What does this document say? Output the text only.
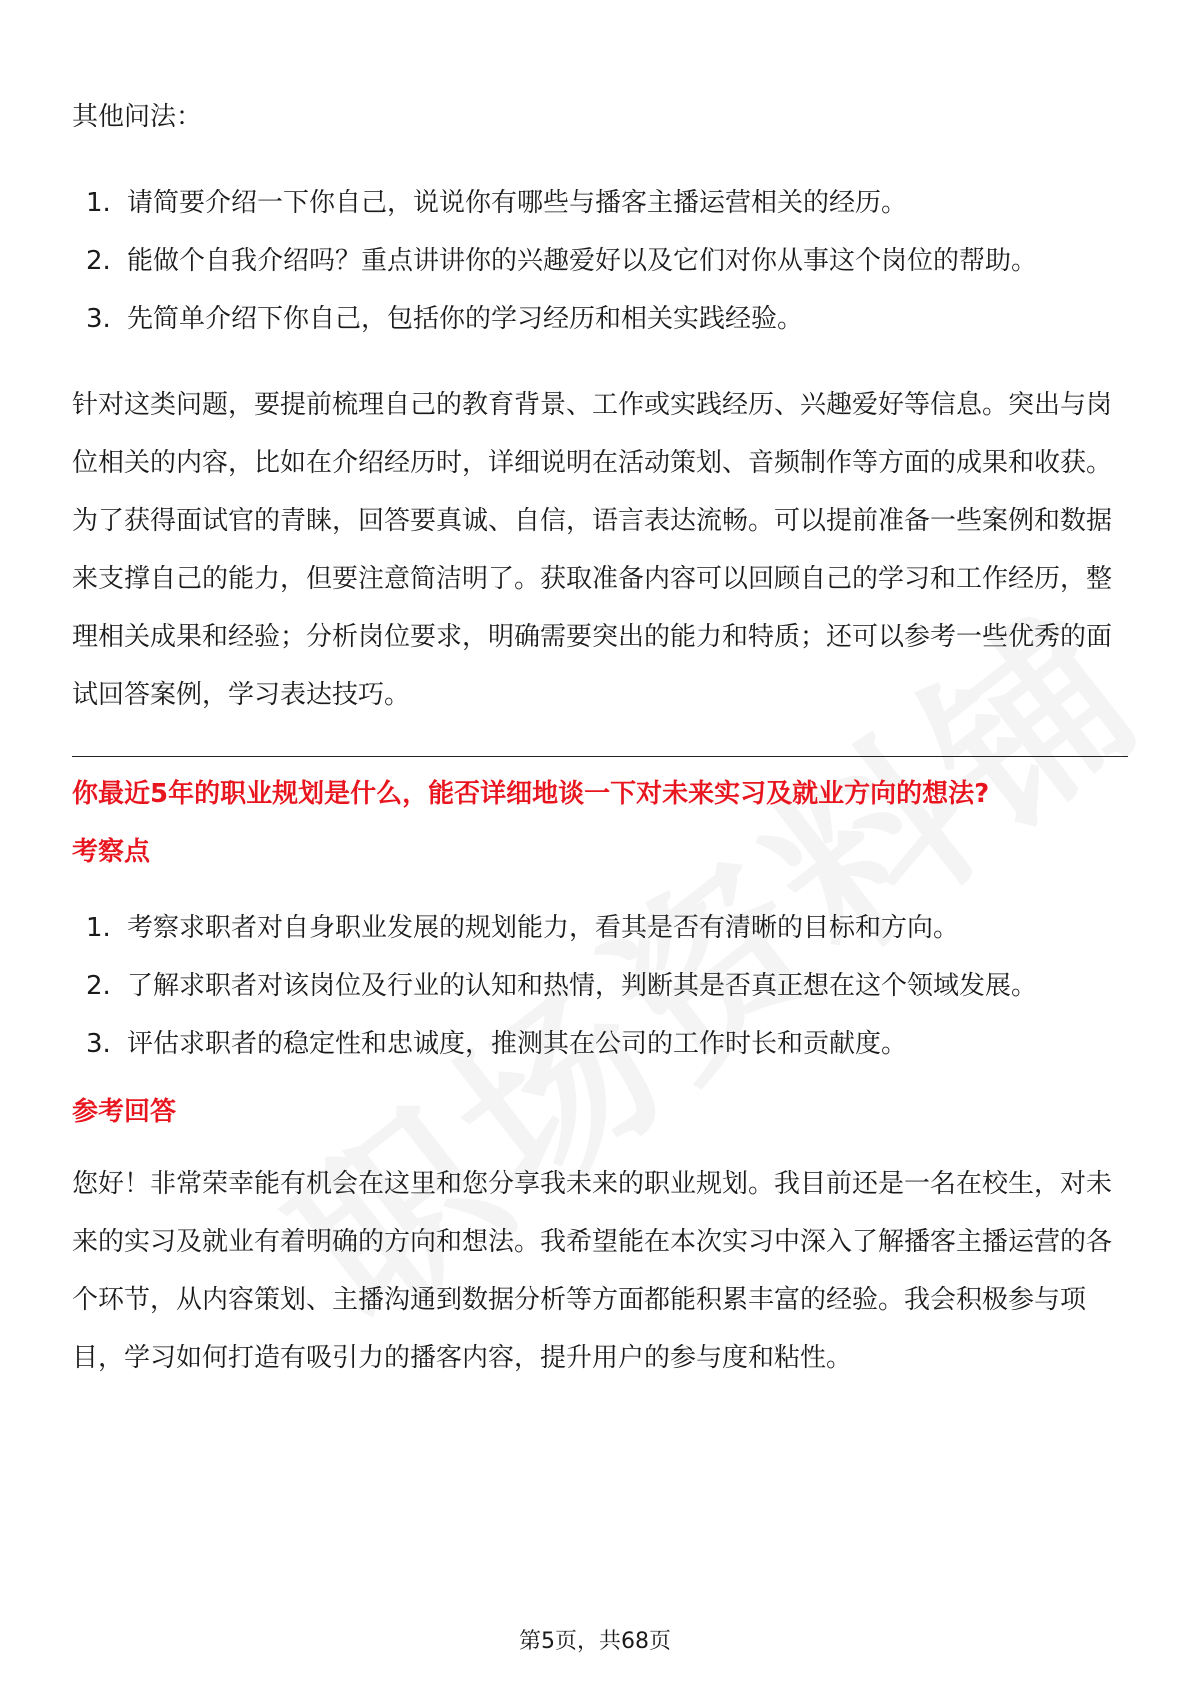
其他问法：

1. 请简要介绍一下你自己，说说你有哪些与播客主播运营相关的经历。
2. 能做个自我介绍吗？重点讲讲你的兴趣爱好以及它们对你从事这个岗位的帮助。
3. 先简单介绍下你自己，包括你的学习经历和相关实践经验。

针对这类问题，要提前梳理自己的教育背景、工作或实践经历、兴趣爱好等信息。突出与岗位相关的内容，比如在介绍经历时，详细说明在活动策划、音频制作等方面的成果和收获。为了获得面试官的青睐，回答要真诚、自信，语言表达流畅。可以提前准备一些案例和数据来支撑自己的能力，但要注意简洁明了。获取准备内容可以回顾自己的学习和工作经历，整理相关成果和经验；分析岗位要求，明确需要突出的能力和特质；还可以参考一些优秀的面试回答案例，学习表达技巧。

你最近5年的职业规划是什么，能否详细地谈一下对未来实习及就业方向的想法?
考察点
1. 考察求职者对自身职业发展的规划能力，看其是否有清晰的目标和方向。
2. 了解求职者对该岗位及行业的认知和热情，判断其是否真正想在这个领域发展。
3. 评估求职者的稳定性和忠诚度，推测其在公司的工作时长和贡献度。
参考回答

您好！非常荣幸能有机会在这里和您分享我未来的职业规划。我目前还是一名在校生，对未来的实习及就业有着明确的方向和想法。我希望能在本次实习中深入了解播客主播运营的各个环节，从内容策划、主播沟通到数据分析等方面都能积累丰富的经验。我会积极参与项目，学习如何打造有吸引力的播客内容，提升用户的参与度和粘性。

第5页，共68页
